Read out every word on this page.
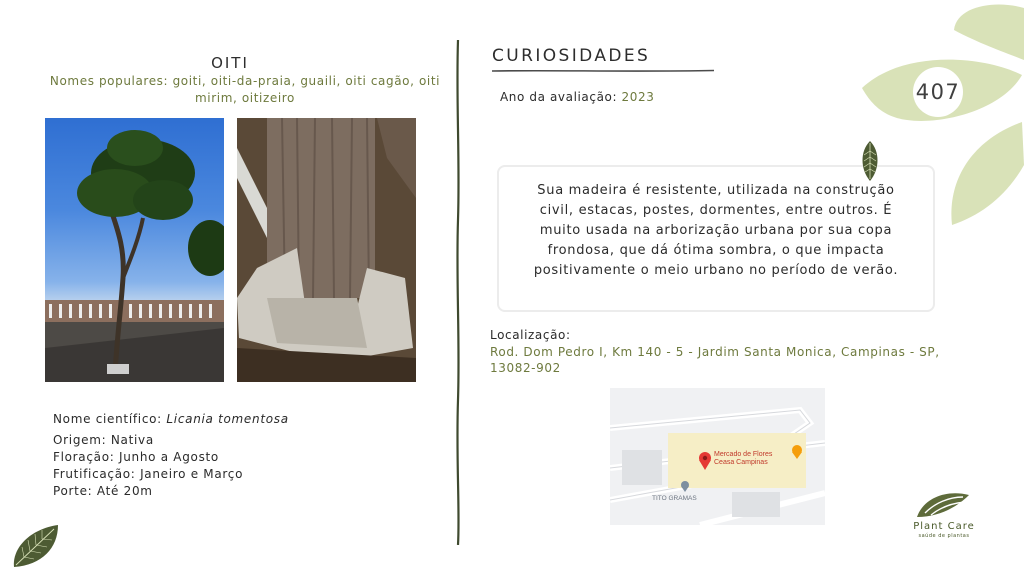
OITI
Nomes populares: goiti, oiti-da-praia, guaili, oiti cagão, oiti mirim, oitizeiro
Nome científico: Licania tomentosa
Origem: Nativa
Floração: Junho a Agosto
Frutificação: Janeiro e Março
Porte: Até 20m
CURIOSIDADES
Ano da avaliação: 2023
Sua madeira é resistente, utilizada na construção civil, estacas, postes, dormentes, entre outros. É muito usada na arborização urbana por sua copa frondosa, que dá ótima sombra, o que impacta positivamente o meio urbano no período de verão.
Localização:
Rod. Dom Pedro I, Km 140 - 5 - Jardim Santa Monica, Campinas - SP, 13082-902
Mercado de Flores
Ceasa Campinas
TITO GRAMAS
407
Plant Care
saúde de plantas
